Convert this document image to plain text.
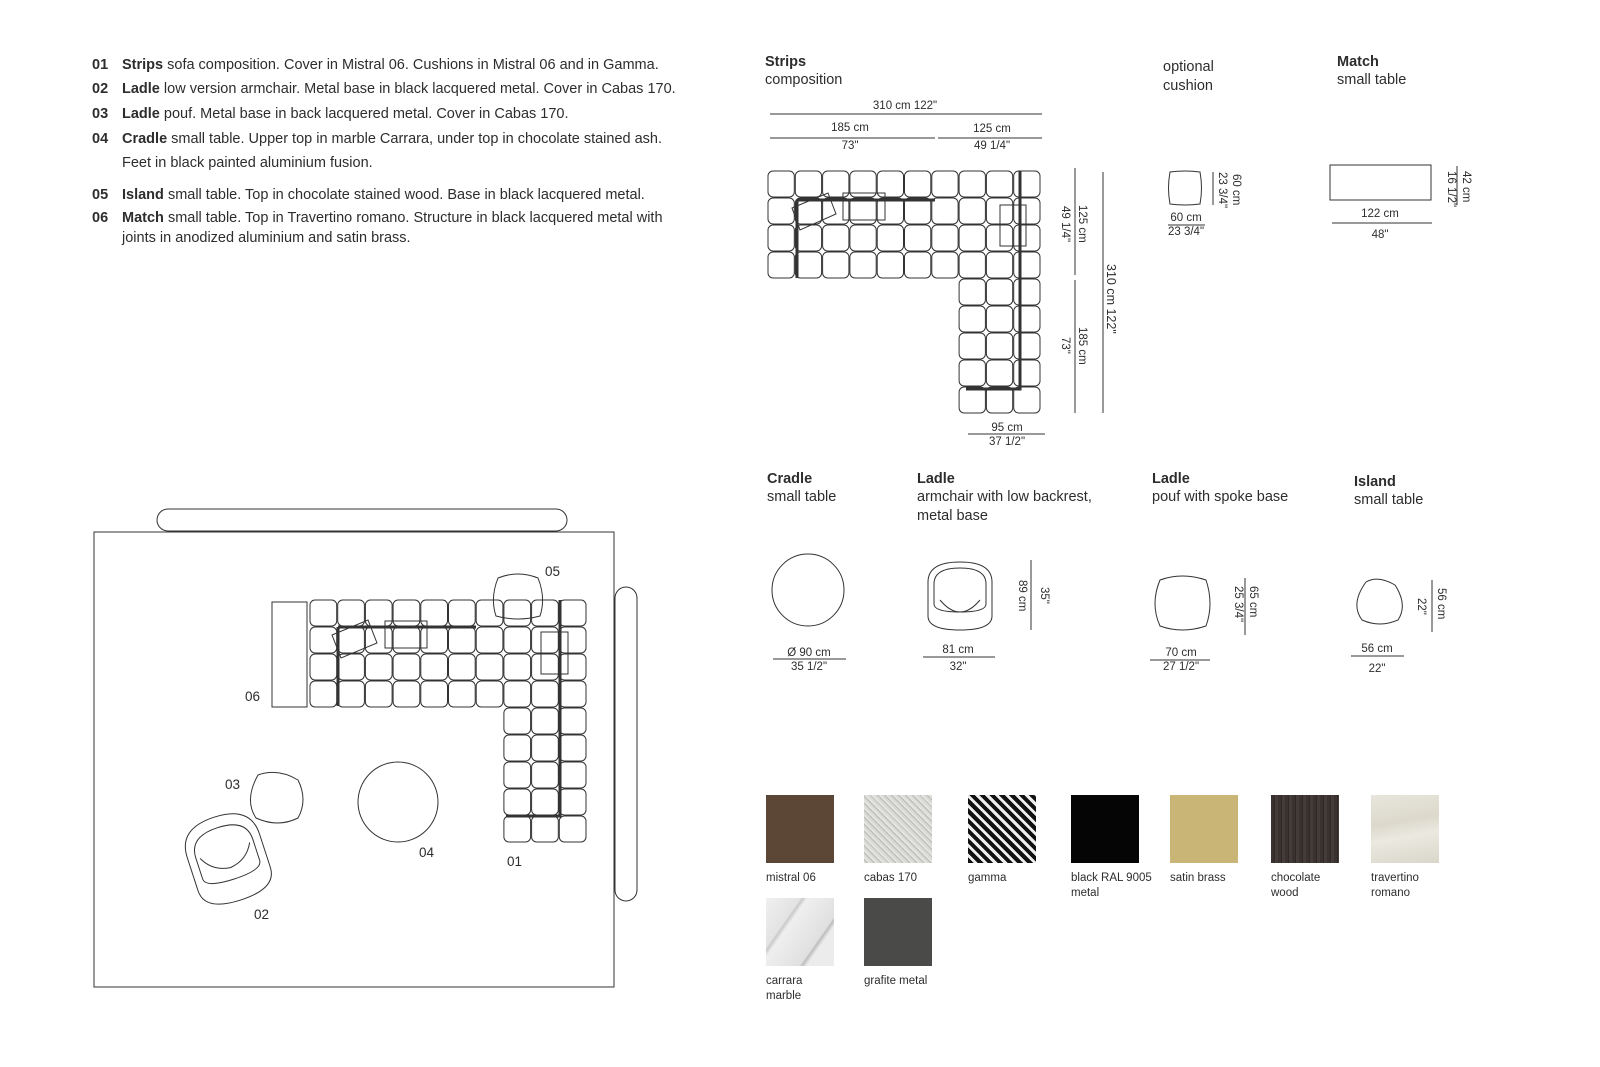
01 Strips sofa composition. Cover in Mistral 06. Cushions in Mistral 06 and in Gamma.
02 Ladle low version armchair. Metal base in black lacquered metal. Cover in Cabas 170.
03 Ladle pouf. Metal base in back lacquered metal. Cover in Cabas 170.
04 Cradle small table. Upper top in marble Carrara, under top in chocolate stained ash.
Feet in black painted aluminium fusion.
05 Island small table. Top in chocolate stained wood. Base in black lacquered metal.
06 Match small table. Top in Travertino romano. Structure in black lacquered metal with
joints in anodized aluminium and satin brass.
05
06
03
04
01
02
Strips
composition
310 cm 122"
185 cm
73"
125 cm
49 1/4"
125 cm
49 1/4"
185 cm
73"
310 cm 122"
95 cm
37 1/2"
optional
cushion
60 cm
23 3/4"
60 cm
23 3/4"
Match
small table
42 cm
16 1/2"
122 cm
48"
Cradle
small table
Ø 90 cm
35 1/2"
Ladle
armchair with low backrest,
metal base
89 cm 35"
81 cm
32"
Ladle
pouf with spoke base
65 cm
25 3/4"
70 cm
27 1/2"
Island
small table
56 cm
22"
56 cm
22"
mistral 06	cabas 170	gamma	black RAL 9005
metal
satin brass	chocolate
wood
travertino
romano
carrara
marble
grafite metal
